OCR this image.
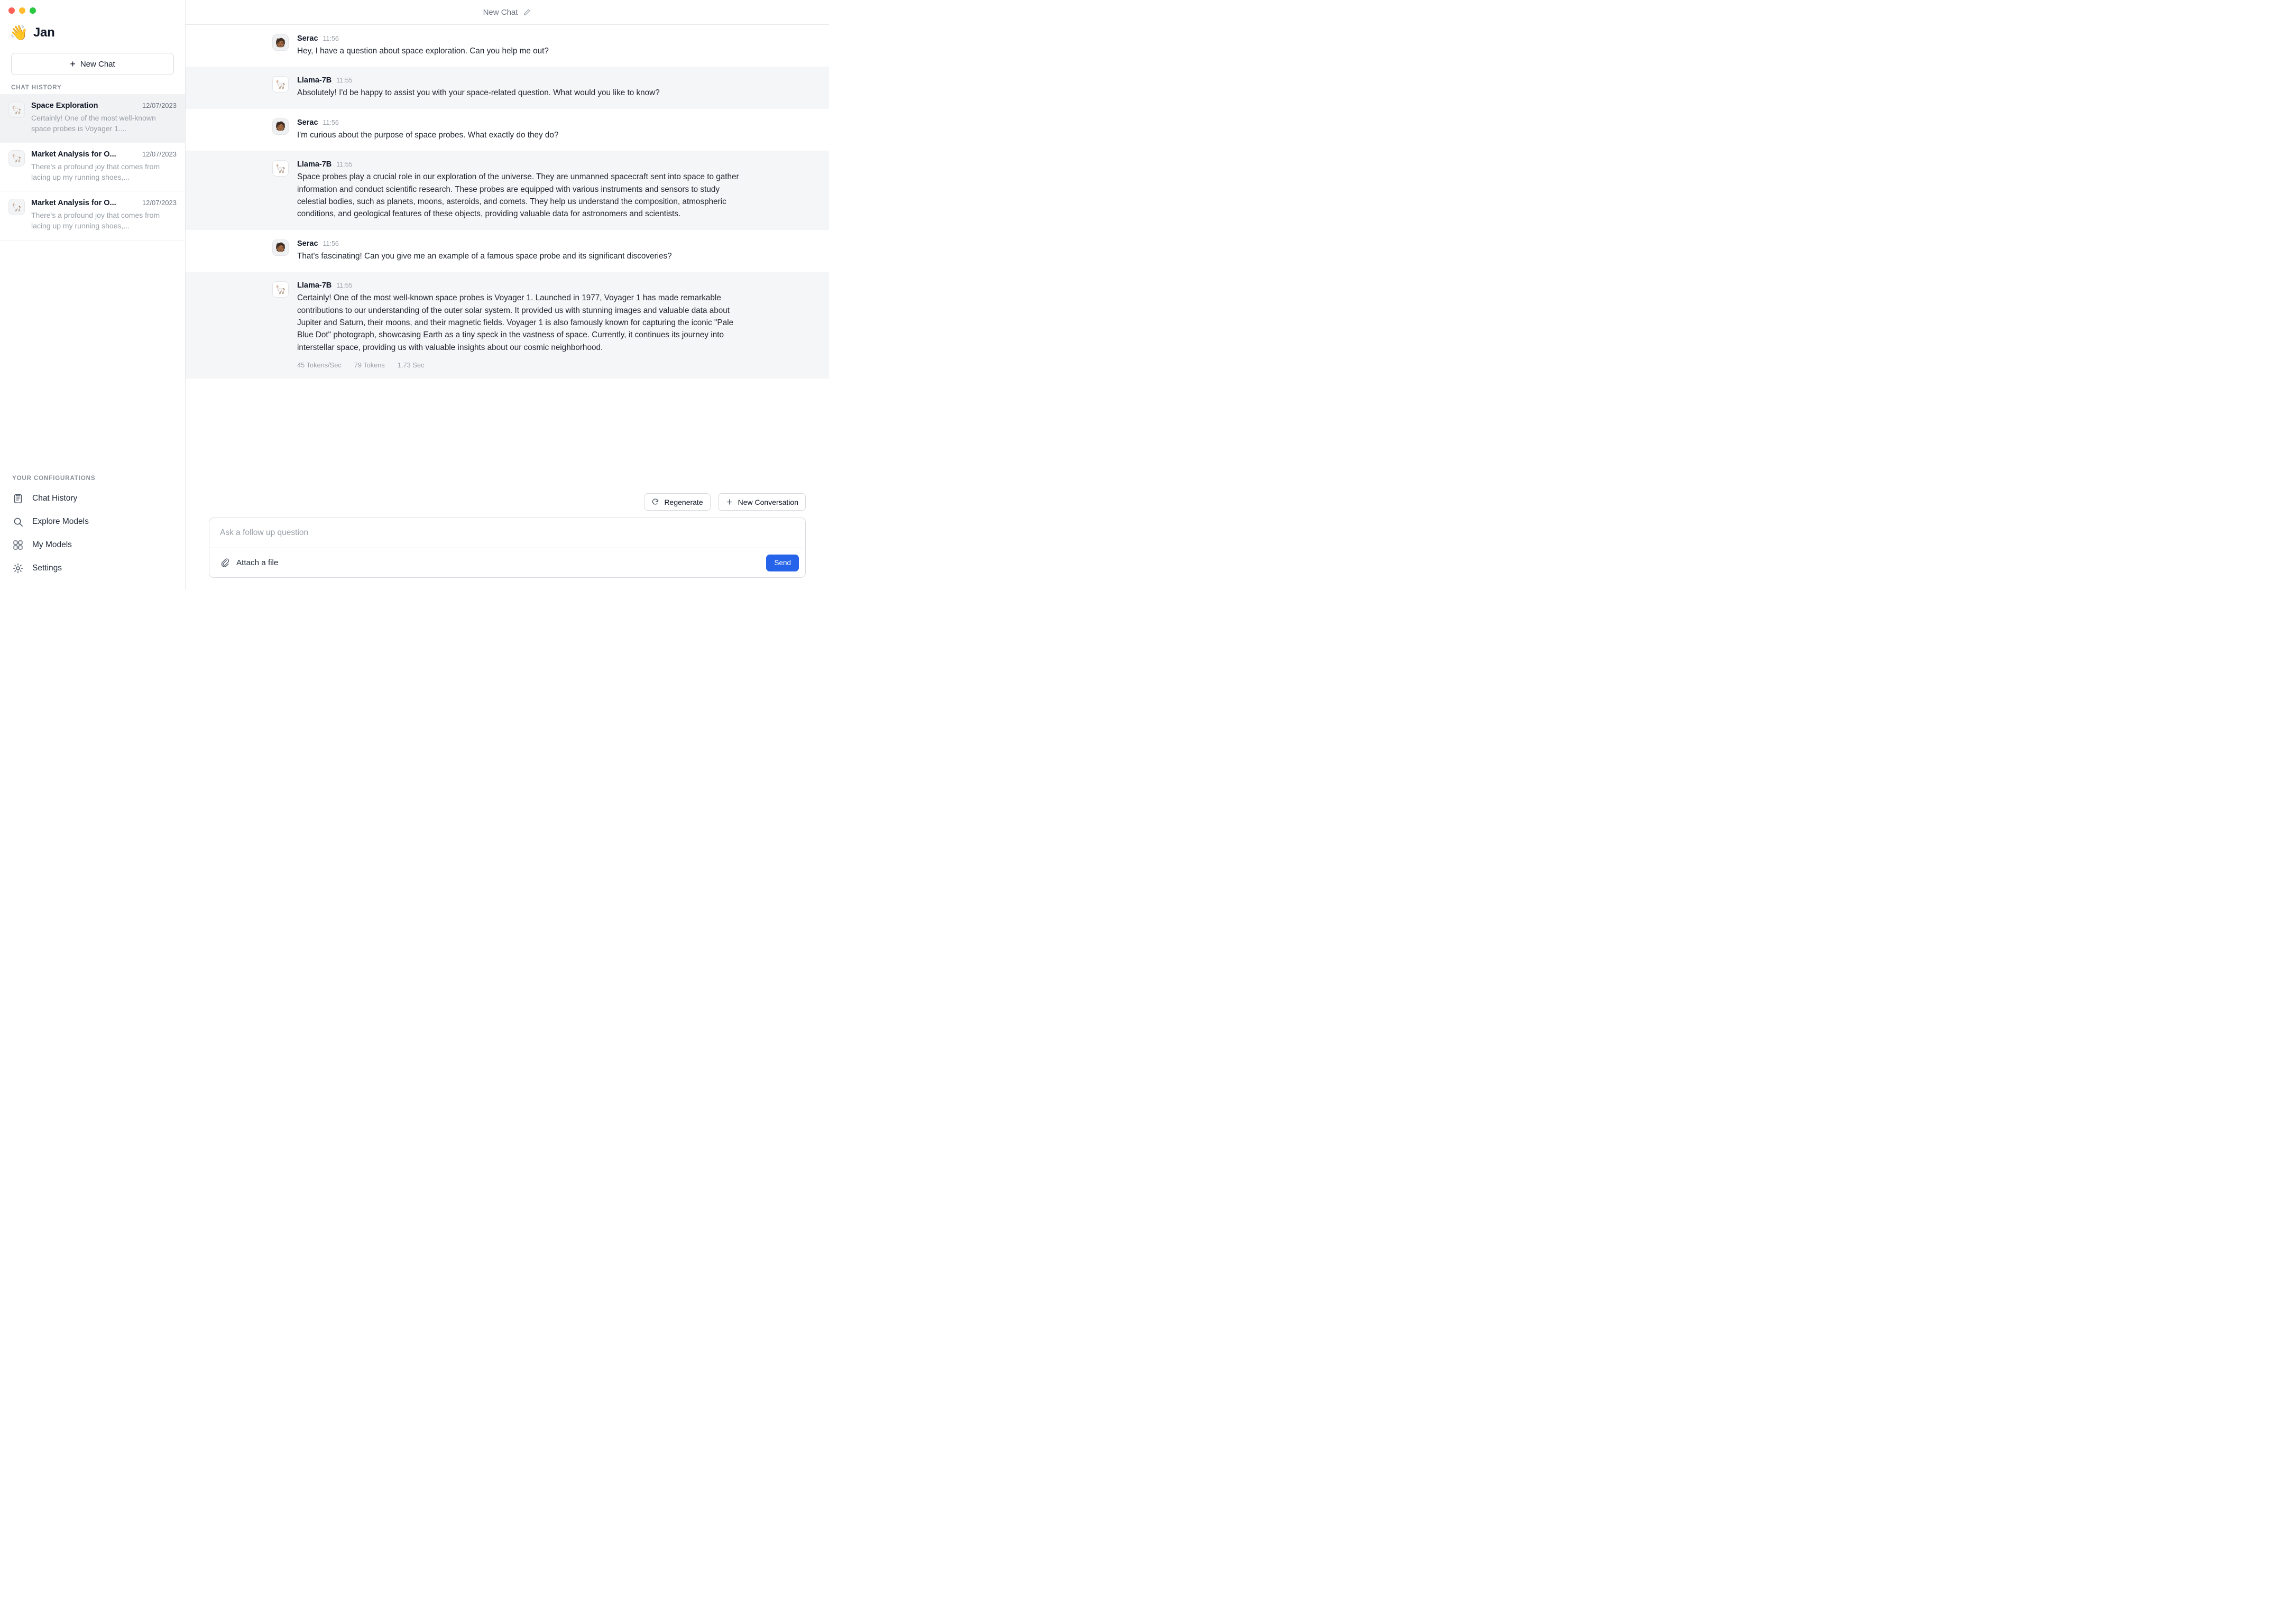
👋 Jan
+ New Chat
CHAT HISTORY
🦙	Space Exploration	12/07/2023
Certainly! One of the most well-known space probes is Voyager 1....
🦙	Market Analysis for O...	12/07/2023
There's a profound joy that comes from lacing up my running shoes,...
🦙	Market Analysis for O...	12/07/2023
There's a profound joy that comes from lacing up my running shoes,...
YOUR CONFIGURATIONS
Chat History
Explore Models
My Models
Settings
New Chat
🧑🏾	Serac 11:56
Hey, I have a question about space exploration. Can you help me out?
🦙	Llama-7B 11:55
Absolutely! I'd be happy to assist you with your space-related question. What would you like to know?
🧑🏾	Serac 11:56
I'm curious about the purpose of space probes. What exactly do they do?
🦙	Llama-7B 11:55
Space probes play a crucial role in our exploration of the universe. They are unmanned spacecraft sent into space to gather information and conduct scientific research. These probes are equipped with various instruments and sensors to study celestial bodies, such as planets, moons, asteroids, and comets. They help us understand the composition, atmospheric conditions, and geological features of these objects, providing valuable data for astronomers and scientists.
🧑🏾	Serac 11:56
That's fascinating! Can you give me an example of a famous space probe and its significant discoveries?
🦙	Llama-7B 11:55
Certainly! One of the most well-known space probes is Voyager 1. Launched in 1977, Voyager 1 has made remarkable contributions to our understanding of the outer solar system. It provided us with stunning images and valuable data about Jupiter and Saturn, their moons, and their magnetic fields. Voyager 1 is also famously known for capturing the iconic "Pale Blue Dot" photograph, showcasing Earth as a tiny speck in the vastness of space. Currently, it continues its journey into interstellar space, providing us with valuable insights about our cosmic neighborhood.
45 Tokens/Sec 79 Tokens 1.73 Sec
Regenerate	New Conversation
Ask a follow up question
Attach a file	Send
